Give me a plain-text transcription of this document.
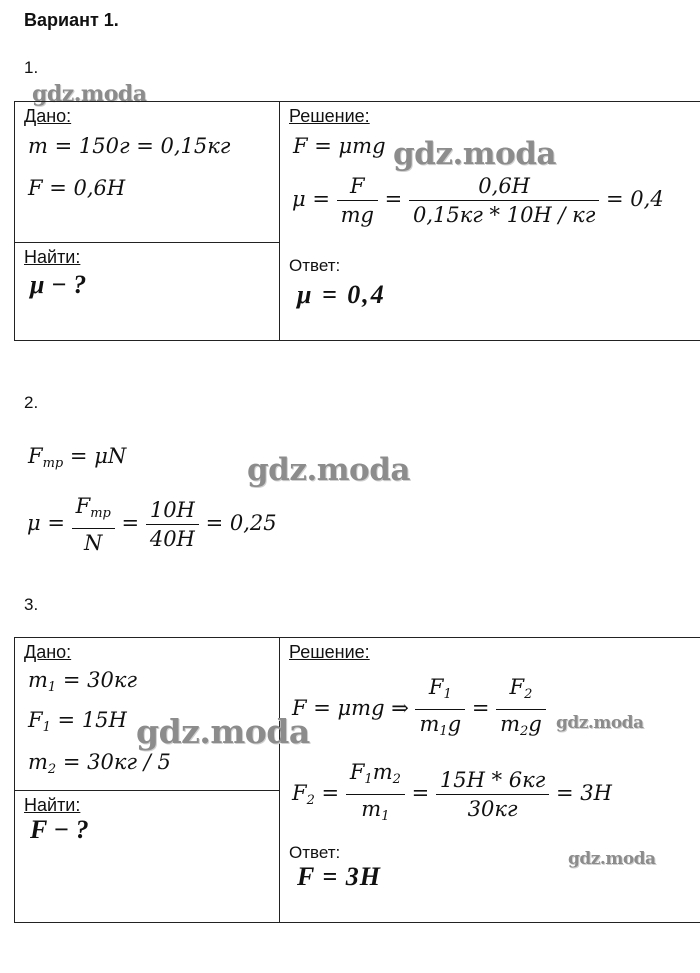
Вариант 1.
1.
gdz.moda
Дано:
m = 150г = 0,15кг
F = 0,6H
Найти:
μ − ?
Решение:
F = μmg gdz.moda
$\mu = \frac{F}{mg} = \frac{0,6H}{0,15кг * 10H / кг} = 0,4$
Ответ:
μ = 0,4
2.
$F_{mp} = \mu N$	gdz.moda
$\mu = \frac{F_{mp}}{N} = \frac{10H}{40H} = 0,25$
3.
Дано:
$m_1 = 30кг$
$F_1 = 15H$ gdz.moda
$m_2 = 30кг / 5$
Найти:
F − ?
Решение:
F = μmg ⇒ $\frac{F_1}{m_1g} = \frac{F_2}{m_2g}$ gdz.moda
$F_2 = \frac{F_1m_2}{m_1} = \frac{15H * 6кг}{30кг} = 3H$
Ответ:	gdz.moda
F = 3H
